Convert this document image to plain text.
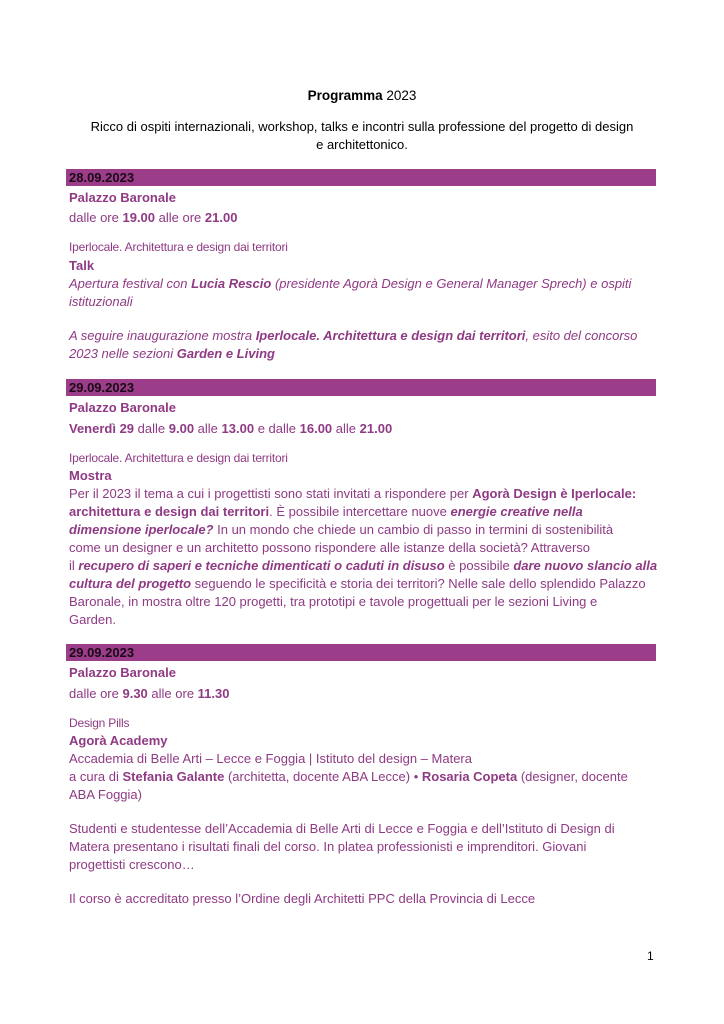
Programma 2023
Ricco di ospiti internazionali, workshop, talks e incontri sulla professione del progetto di design
e architettonico.
28.09.2023
Palazzo Baronale
dalle ore 19.00 alle ore 21.00
Iperlocale. Architettura e design dai territori
Talk
Apertura festival con Lucia Rescio (presidente Agorà Design e General Manager Sprech) e ospiti
istituzionali
A seguire inaugurazione mostra Iperlocale. Architettura e design dai territori, esito del concorso
2023 nelle sezioni Garden e Living
29.09.2023
Palazzo Baronale
Venerdì 29 dalle 9.00 alle 13.00 e dalle 16.00 alle 21.00
Iperlocale. Architettura e design dai territori
Mostra
Per il 2023 il tema a cui i progettisti sono stati invitati a rispondere per Agorà Design è Iperlocale:
architettura e design dai territori. È possibile intercettare nuove energie creative nella
dimensione iperlocale? In un mondo che chiede un cambio di passo in termini di sostenibilità
come un designer e un architetto possono rispondere alle istanze della società? Attraverso
il recupero di saperi e tecniche dimenticati o caduti in disuso è possibile dare nuovo slancio alla
cultura del progetto seguendo le specificità e storia dei territori? Nelle sale dello splendido Palazzo
Baronale, in mostra oltre 120 progetti, tra prototipi e tavole progettuali per le sezioni Living e
Garden.
29.09.2023
Palazzo Baronale
dalle ore 9.30 alle ore 11.30
Design Pills
Agorà Academy
Accademia di Belle Arti – Lecce e Foggia | Istituto del design – Matera
a cura di Stefania Galante (architetta, docente ABA Lecce) • Rosaria Copeta (designer, docente
ABA Foggia)
Studenti e studentesse dell’Accademia di Belle Arti di Lecce e Foggia e dell’Istituto di Design di
Matera presentano i risultati finali del corso. In platea professionisti e imprenditori. Giovani
progettisti crescono…
Il corso è accreditato presso l’Ordine degli Architetti PPC della Provincia di Lecce
1
